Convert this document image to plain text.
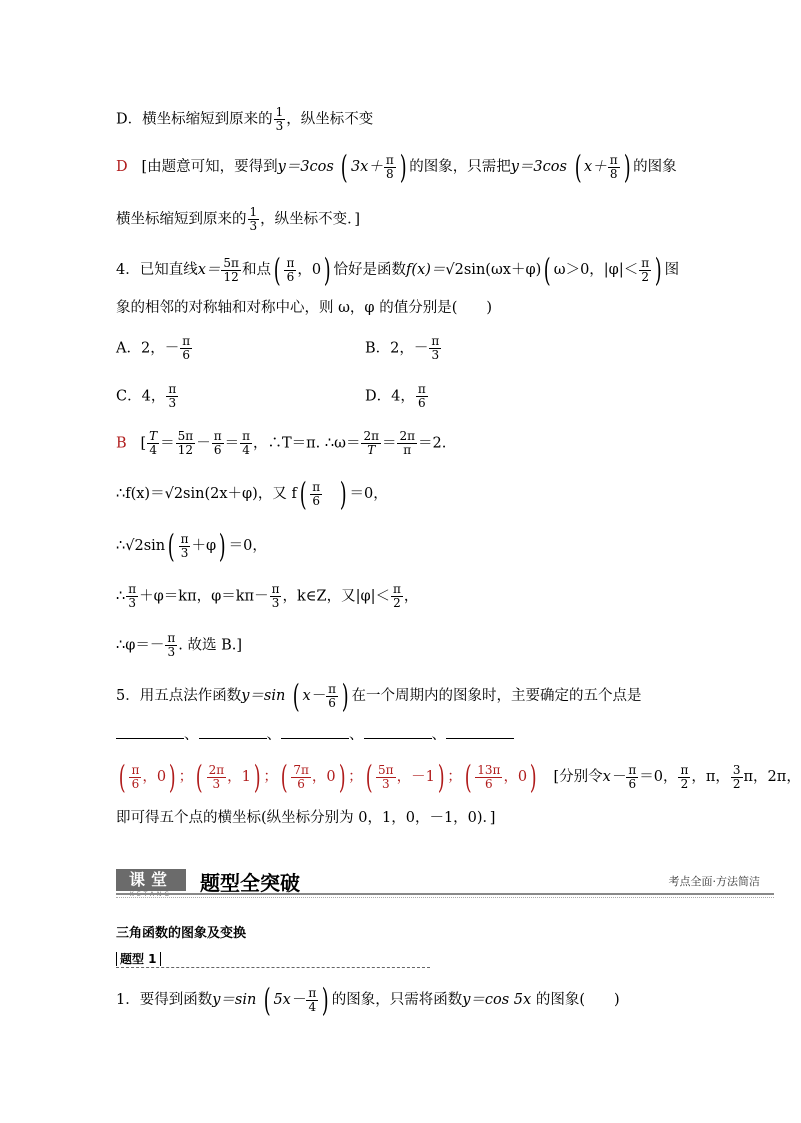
D．横坐标缩短到原来的 $\frac{1}{3}$ ，纵坐标不变
D [由题意可知，要得到y＝3cos ( $3x+ \frac{\pi}{8}$ ) 的图象，只需把y＝3cos ( $x+ \frac{\pi}{8}$ ) 的图象
横坐标缩短到原来的 $\frac{1}{3}$ ，纵坐标不变．]
4．已知直线$x= \frac{5\pi}{12}$ 和点( $\frac{\pi}{6}$ ，0) 恰好是函数f(x)＝√2sin(ωx＋φ)( ω＞0，$|\varphi|< \frac{\pi}{2}$ ) 图
象的相邻的对称轴和对称中心，则 ω，φ 的值分别是(　　)
A．2，－ $\frac{\pi}{6}$	B．2，－ $\frac{\pi}{3}$
C．4， $\frac{\pi}{3}$	D．4， $\frac{\pi}{6}$
B [ $\frac{T}{4} = \frac{5\pi}{12} - \frac{\pi}{6} = \frac{\pi}{4}$ ，∴T＝π. ∴ω＝ $\frac{2\pi}{T} = \frac{2\pi}{\pi} =2$.
∴f(x)＝√2sin(2x＋φ)，又 $f( \frac{\pi}{6}$ ) ＝0，
∴√2sin( $\frac{\pi}{3} +\varphi) =0$，
∴ $\frac{\pi}{3} +\varphi=k\pi$，$\varphi=k\pi- \frac{\pi}{3}$ ，k∈Z，又$|\varphi|< \frac{\pi}{2}$ ，
∴φ＝－ $\frac{\pi}{3}$ . 故选 B.]
5．用五点法作函数y＝sin ( $x- \frac{\pi}{6}$ ) 在一个周期内的图象时，主要确定的五个点是
、	、	、	、
( $\frac{\pi}{6}$ ，0) ；( $\frac{2\pi}{3}$ ，1) ；( $\frac{7\pi}{6}$ ，0) ；( $\frac{5\pi}{3}$ ，－1) ；( $\frac{13\pi}{6}$ ，0) [分别令$x- \frac{\pi}{6} =0$， $\frac{\pi}{2}$ ，π， $\frac{3}{2}$ π，2π，
即可得五个点的横坐标(纵坐标分别为 0，1，0，－1，0)．]
课堂
KETANG	题型全突破	考点全面·方法简洁
三角函数的图象及变换
题型 1
1．要得到函数y＝sin ( $5x- \frac{\pi}{4}$ ) 的图象，只需将函数y＝cos 5x 的图象(　　)
